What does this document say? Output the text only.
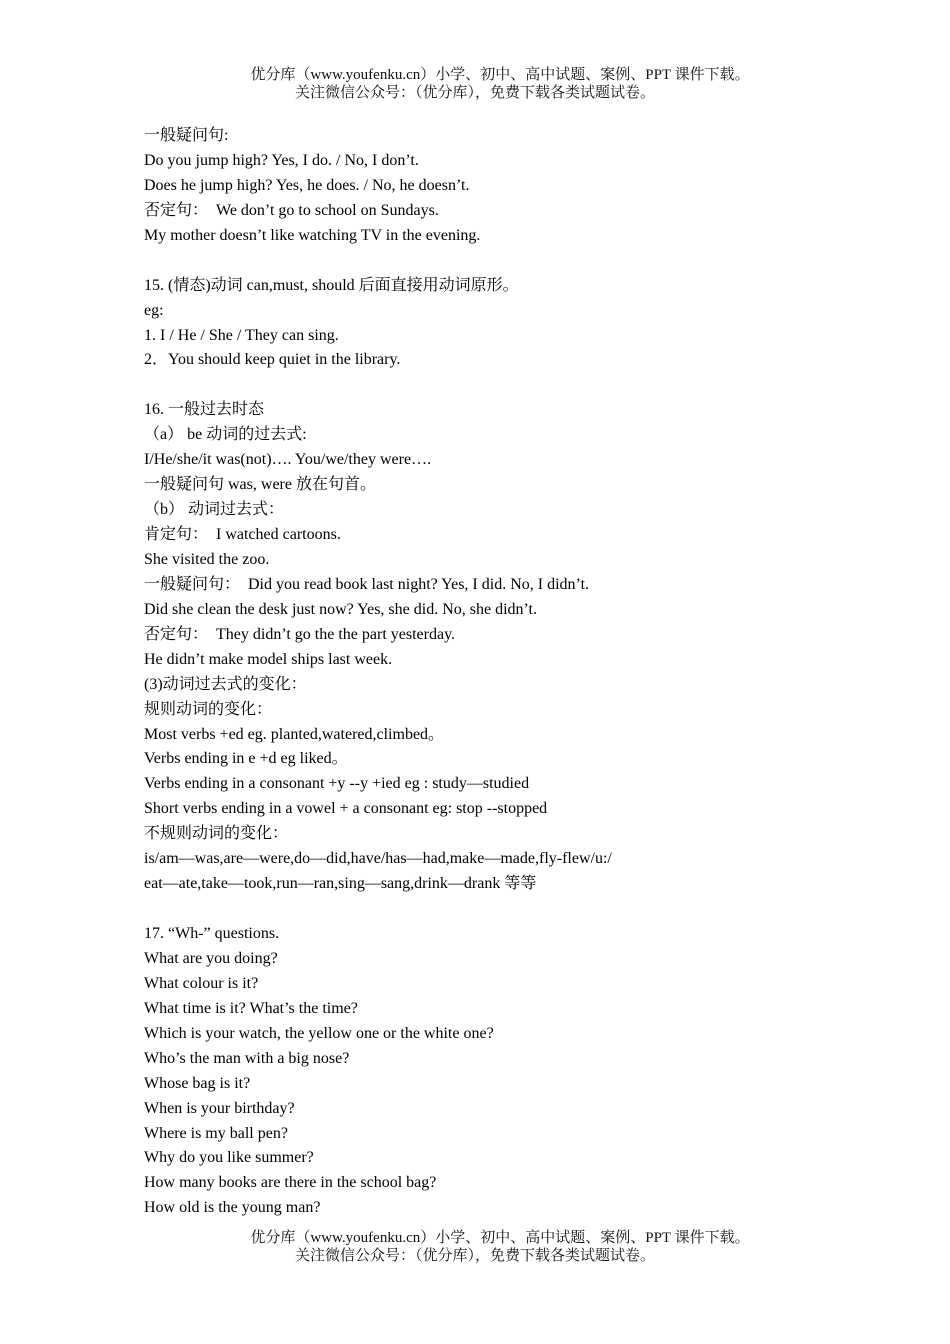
优分库（www.youfenku.cn）小学、初中、高中试题、案例、PPT 课件下载。
关注微信公众号：（优分库），免费下载各类试题试卷。
一般疑问句:
Do you jump high? Yes, I do. / No, I don’t.
Does he jump high? Yes, he does. / No, he doesn’t.
否定句：  We don’t go to school on Sundays.
My mother doesn’t like watching TV in the evening.
15. (情态)动词 can,must, should 后面直接用动词原形。
eg:
1. I / He / She / They can sing.
2．You should keep quiet in the library.
16. 一般过去时态
（a） be 动词的过去式:
I/He/she/it was(not)…. You/we/they were….
一般疑问句 was, were 放在句首。
（b） 动词过去式：
肯定句：  I watched cartoons.
She visited the zoo.
一般疑问句：  Did you read book last night? Yes, I did. No, I didn’t.
Did she clean the desk just now? Yes, she did. No, she didn’t.
否定句：  They didn’t go the the part yesterday.
He didn’t make model ships last week.
(3)动词过去式的变化：
规则动词的变化：
Most verbs +ed eg. planted,watered,climbed。
Verbs ending in e +d eg liked。
Verbs ending in a consonant +y --y +ied eg : study—studied
Short verbs ending in a vowel + a consonant eg: stop --stopped
不规则动词的变化：
is/am—was,are—were,do—did,have/has—had,make—made,fly-flew/u:/
eat—ate,take—took,run—ran,sing—sang,drink—drank 等等
17. “Wh-” questions.
What are you doing?
What colour is it?
What time is it? What’s the time?
Which is your watch, the yellow one or the white one?
Who’s the man with a big nose?
Whose bag is it?
When is your birthday?
Where is my ball pen?
Why do you like summer?
How many books are there in the school bag?
How old is the young man?
优分库（www.youfenku.cn）小学、初中、高中试题、案例、PPT 课件下载。
关注微信公众号：（优分库），免费下载各类试题试卷。
